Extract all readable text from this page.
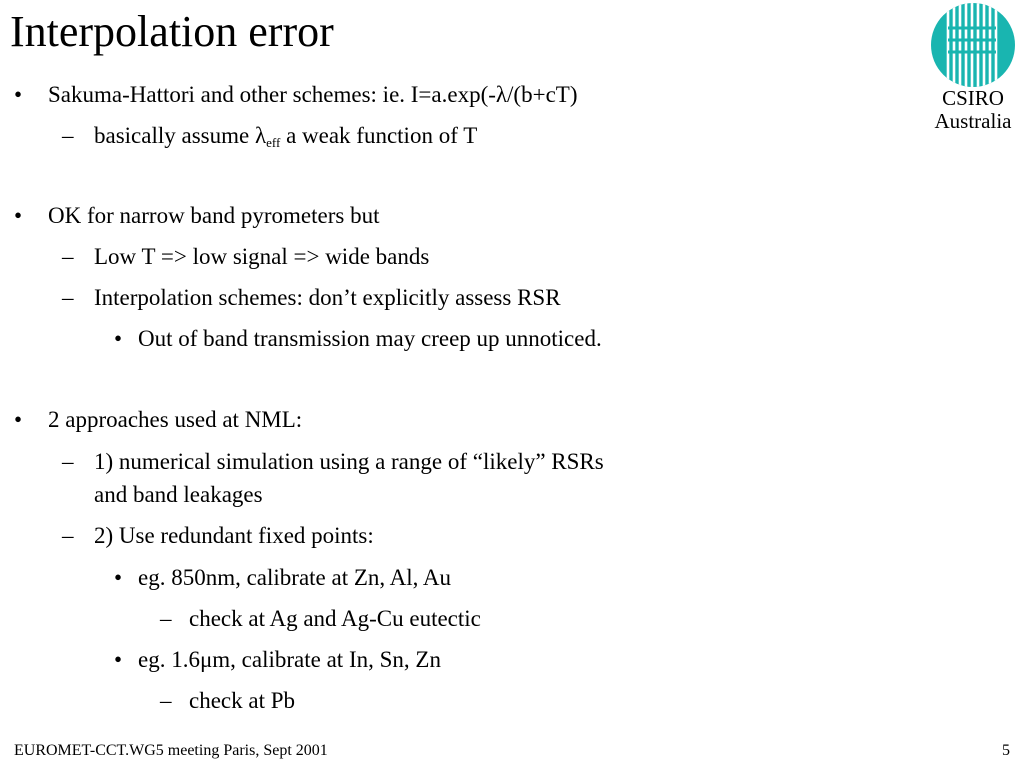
Interpolation error
CSIRO
Australia
• Sakuma-Hattori and other schemes: ie. I=a.exp(-λ/(b+cT)
– basically assume $\lambda_{eff}$ a weak function of T
• OK for narrow band pyrometers but
– Low T => low signal => wide bands
– Interpolation schemes: don’t explicitly assess RSR
• Out of band transmission may creep up unnoticed.
• 2 approaches used at NML:
– 1) numerical simulation using a range of “likely” RSRs
and band leakages
– 2) Use redundant fixed points:
• eg. 850nm, calibrate at Zn, Al, Au
– check at Ag and Ag-Cu eutectic
• eg. 1.6μm, calibrate at In, Sn, Zn
– check at Pb
EUROMET-CCT.WG5 meeting Paris, Sept 2001	5
